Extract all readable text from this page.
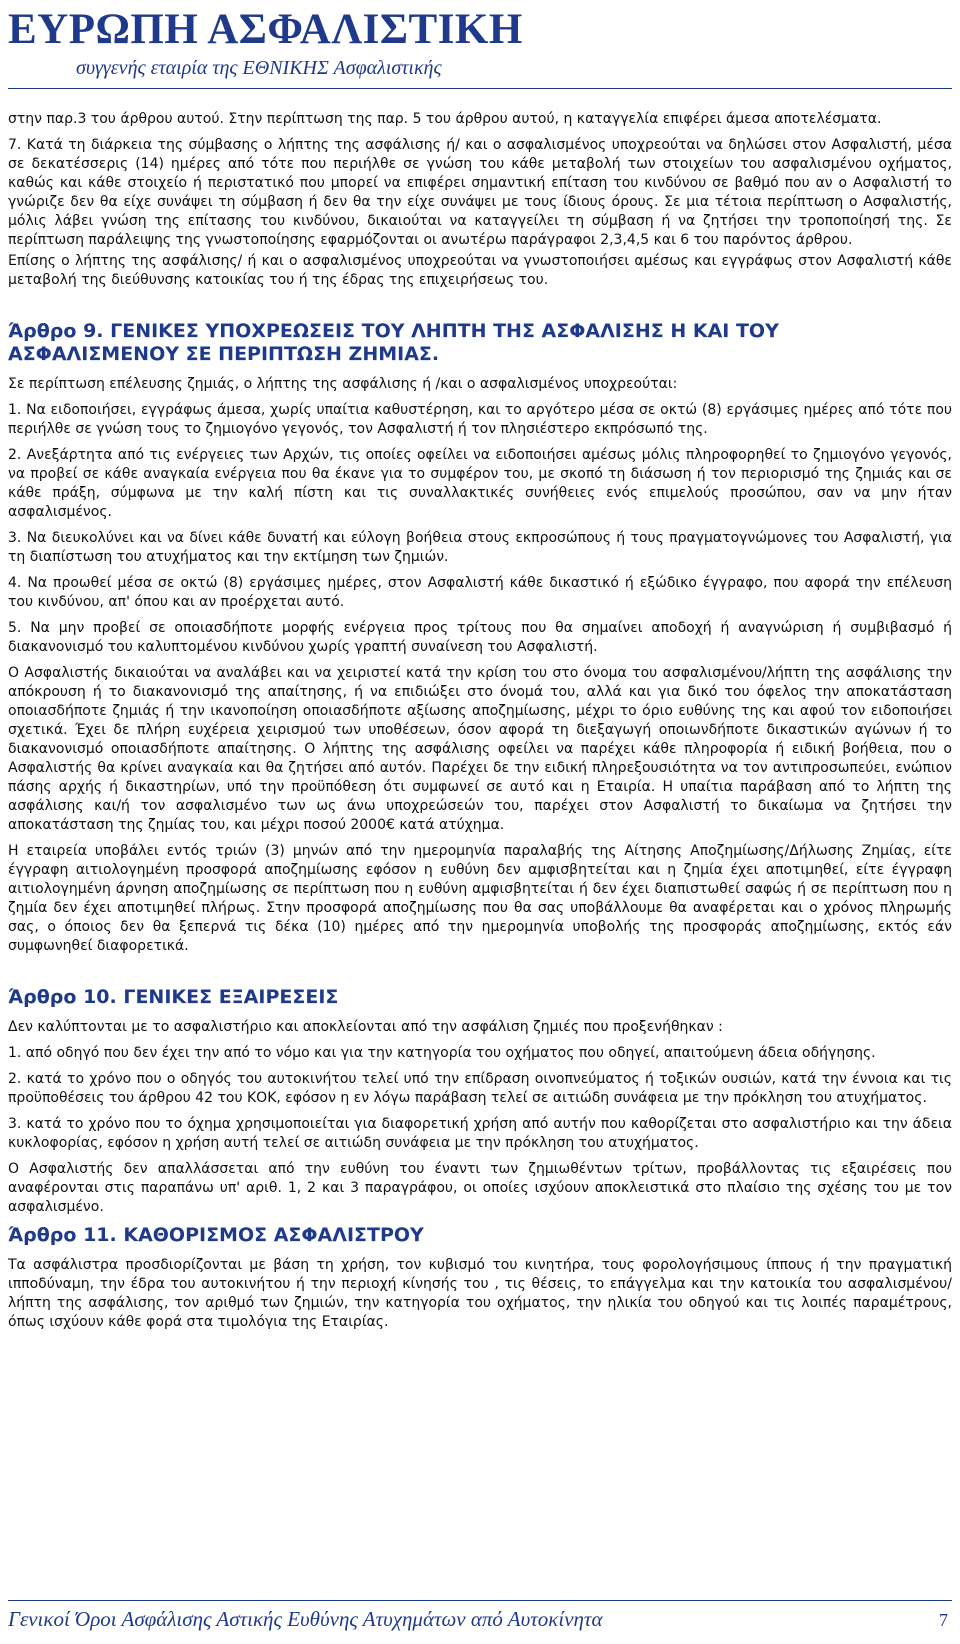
ΕΥΡΩΠΗ ΑΣΦΑΛΙΣΤΙΚΗ
συγγενής εταιρία της ΕΘΝΙΚΗΣ Ασφαλιστικής

στην παρ.3 του άρθρου αυτού. Στην περίπτωση της παρ. 5 του άρθρου αυτού, η καταγγελία επιφέρει άμεσα αποτελέσματα.

7. Κατά τη διάρκεια της σύμβασης ο λήπτης της ασφάλισης ή/ και ο ασφαλισμένος υποχρεούται να δηλώσει στον Ασφαλιστή, μέσα σε δεκατέσσερις (14) ημέρες από τότε που περιήλθε σε γνώση του κάθε μεταβολή των στοιχείων του ασφαλισμένου οχήματος, καθώς και κάθε στοιχείο ή περιστατικό που μπορεί να επιφέρει σημαντική επίταση του κινδύνου σε βαθμό που αν ο Ασφαλιστή το γνώριζε δεν θα είχε συνάψει τη σύμβαση ή δεν θα την είχε συνάψει με τους ίδιους όρους. Σε μια τέτοια περίπτωση ο Ασφαλιστής, μόλις λάβει γνώση της επίτασης του κινδύνου, δικαιούται να καταγγείλει τη σύμβαση ή να ζητήσει την τροποποίησή της. Σε περίπτωση παράλειψης της γνωστοποίησης εφαρμόζονται οι ανωτέρω παράγραφοι 2,3,4,5 και 6 του παρόντος άρθρου.

Επίσης ο λήπτης της ασφάλισης/ ή και ο ασφαλισμένος υποχρεούται να γνωστοποιήσει αμέσως και εγγράφως στον Ασφαλιστή κάθε μεταβολή της διεύθυνσης κατοικίας του ή της έδρας της επιχειρήσεως του.

Άρθρο 9. ΓΕΝΙΚΕΣ ΥΠΟΧΡΕΩΣΕΙΣ ΤΟΥ ΛΗΠΤΗ ΤΗΣ ΑΣΦΑΛΙΣΗΣ Η ΚΑΙ ΤΟΥ ΑΣΦΑΛΙΣΜΕΝΟΥ ΣΕ ΠΕΡΙΠΤΩΣΗ ΖΗΜΙΑΣ.

Σε περίπτωση επέλευσης ζημιάς, ο λήπτης της ασφάλισης ή /και ο ασφαλισμένος υποχρεούται:

1. Να ειδοποιήσει, εγγράφως άμεσα, χωρίς υπαίτια καθυστέρηση, και το αργότερο μέσα σε οκτώ (8) εργάσιμες ημέρες από τότε που περιήλθε σε γνώση τους το ζημιογόνο γεγονός, τον Ασφαλιστή ή τον πλησιέστερο εκπρόσωπό της.

2. Ανεξάρτητα από τις ενέργειες των Αρχών, τις οποίες οφείλει να ειδοποιήσει αμέσως μόλις πληροφορηθεί το ζημιογόνο γεγονός, να προβεί σε κάθε αναγκαία ενέργεια που θα έκανε για το συμφέρον του, με σκοπό τη διάσωση ή τον περιορισμό της ζημιάς και σε κάθε πράξη, σύμφωνα με την καλή πίστη και τις συναλλακτικές συνήθειες ενός επιμελούς προσώπου, σαν να μην ήταν ασφαλισμένος.

3. Να διευκολύνει και να δίνει κάθε δυνατή και εύλογη βοήθεια στους εκπροσώπους ή τους πραγματογνώμονες του Ασφαλιστή, για τη διαπίστωση του ατυχήματος και την εκτίμηση των ζημιών.

4. Να προωθεί μέσα σε οκτώ (8) εργάσιμες ημέρες, στον Ασφαλιστή κάθε δικαστικό ή εξώδικο έγγραφο, που αφορά την επέλευση του κινδύνου, απ' όπου και αν προέρχεται αυτό.

5. Να μην προβεί σε οποιασδήποτε μορφής ενέργεια προς τρίτους που θα σημαίνει αποδοχή ή αναγνώριση ή συμβιβασμό ή διακανονισμό του καλυπτομένου κινδύνου χωρίς γραπτή συναίνεση του Ασφαλιστή.

Ο Ασφαλιστής δικαιούται να αναλάβει και να χειριστεί κατά την κρίση του στο όνομα του ασφαλισμένου/λήπτη της ασφάλισης την απόκρουση ή το διακανονισμό της απαίτησης, ή να επιδιώξει στο όνομά του, αλλά και για δικό του όφελος την αποκατάσταση οποιασδήποτε ζημιάς ή την ικανοποίηση οποιασδήποτε αξίωσης αποζημίωσης, μέχρι το όριο ευθύνης της και αφού τον ειδοποιήσει σχετικά. Έχει δε πλήρη ευχέρεια χειρισμού των υποθέσεων, όσον αφορά τη διεξαγωγή οποιωνδήποτε δικαστικών αγώνων ή το διακανονισμό οποιασδήποτε απαίτησης. Ο λήπτης της ασφάλισης οφείλει να παρέχει κάθε πληροφορία ή ειδική βοήθεια, που ο Ασφαλιστής θα κρίνει αναγκαία και θα ζητήσει από αυτόν. Παρέχει δε την ειδική πληρεξουσιότητα να τον αντιπροσωπεύει, ενώπιον πάσης αρχής ή δικαστηρίων, υπό την προϋπόθεση ότι συμφωνεί σε αυτό και η Εταιρία. Η υπαίτια παράβαση από το λήπτη της ασφάλισης και/ή τον ασφαλισμένο των ως άνω υποχρεώσεών του, παρέχει στον Ασφαλιστή το δικαίωμα να ζητήσει την αποκατάσταση της ζημίας του, και μέχρι ποσού 2000€ κατά ατύχημα.

Η εταιρεία υποβάλει εντός τριών (3) μηνών από την ημερομηνία παραλαβής της Αίτησης Αποζημίωσης/Δήλωσης Ζημίας, είτε έγγραφη αιτιολογημένη προσφορά αποζημίωσης εφόσον η ευθύνη δεν αμφισβητείται και η ζημία έχει αποτιμηθεί, είτε έγγραφη αιτιολογημένη άρνηση αποζημίωσης σε περίπτωση που η ευθύνη αμφισβητείται ή δεν έχει διαπιστωθεί σαφώς ή σε περίπτωση που η ζημία δεν έχει αποτιμηθεί πλήρως. Στην προσφορά αποζημίωσης που θα σας υποβάλλουμε θα αναφέρεται και ο χρόνος πληρωμής σας, ο όποιος δεν θα ξεπερνά τις δέκα (10) ημέρες από την ημερομηνία υποβολής της προσφοράς αποζημίωσης, εκτός εάν συμφωνηθεί διαφορετικά.

Άρθρο 10. ΓΕΝΙΚΕΣ ΕΞΑΙΡΕΣΕΙΣ

Δεν καλύπτονται με το ασφαλιστήριο και αποκλείονται από την ασφάλιση ζημιές που προξενήθηκαν :

1. από οδηγό που δεν έχει την από το νόμο και για την κατηγορία του οχήματος που οδηγεί, απαιτούμενη άδεια οδήγησης.

2. κατά το χρόνο που ο οδηγός του αυτοκινήτου τελεί υπό την επίδραση οινοπνεύματος ή τοξικών ουσιών, κατά την έννοια και τις προϋποθέσεις του άρθρου 42 του ΚΟΚ, εφόσον η εν λόγω παράβαση τελεί σε αιτιώδη συνάφεια με την πρόκληση του ατυχήματος.

3. κατά το χρόνο που το όχημα χρησιμοποιείται για διαφορετική χρήση από αυτήν που καθορίζεται στο ασφαλιστήριο και την άδεια κυκλοφορίας, εφόσον η χρήση αυτή τελεί σε αιτιώδη συνάφεια με την πρόκληση του ατυχήματος.

Ο Ασφαλιστής δεν απαλλάσσεται από την ευθύνη του έναντι των ζημιωθέντων τρίτων, προβάλλοντας τις εξαιρέσεις που αναφέρονται στις παραπάνω υπ' αριθ. 1, 2 και 3 παραγράφου, οι οποίες ισχύουν αποκλειστικά στο πλαίσιο της σχέσης του με τον ασφαλισμένο.

Άρθρο 11. ΚΑΘΟΡΙΣΜΟΣ ΑΣΦΑΛΙΣΤΡΟΥ

Τα ασφάλιστρα προσδιορίζονται με βάση τη χρήση, τον κυβισμό του κινητήρα, τους φορολογήσιμους ίππους ή την πραγματική ιπποδύναμη, την έδρα του αυτοκινήτου ή την περιοχή κίνησής του , τις θέσεις, το επάγγελμα και την κατοικία του ασφαλισμένου/λήπτη της ασφάλισης, τον αριθμό των ζημιών, την κατηγορία του οχήματος, την ηλικία του οδηγού και τις λοιπές παραμέτρους, όπως ισχύουν κάθε φορά στα τιμολόγια της Εταιρίας.

Γενικοί Όροι Ασφάλισης Αστικής Ευθύνης Ατυχημάτων από Αυτοκίνητα	7
